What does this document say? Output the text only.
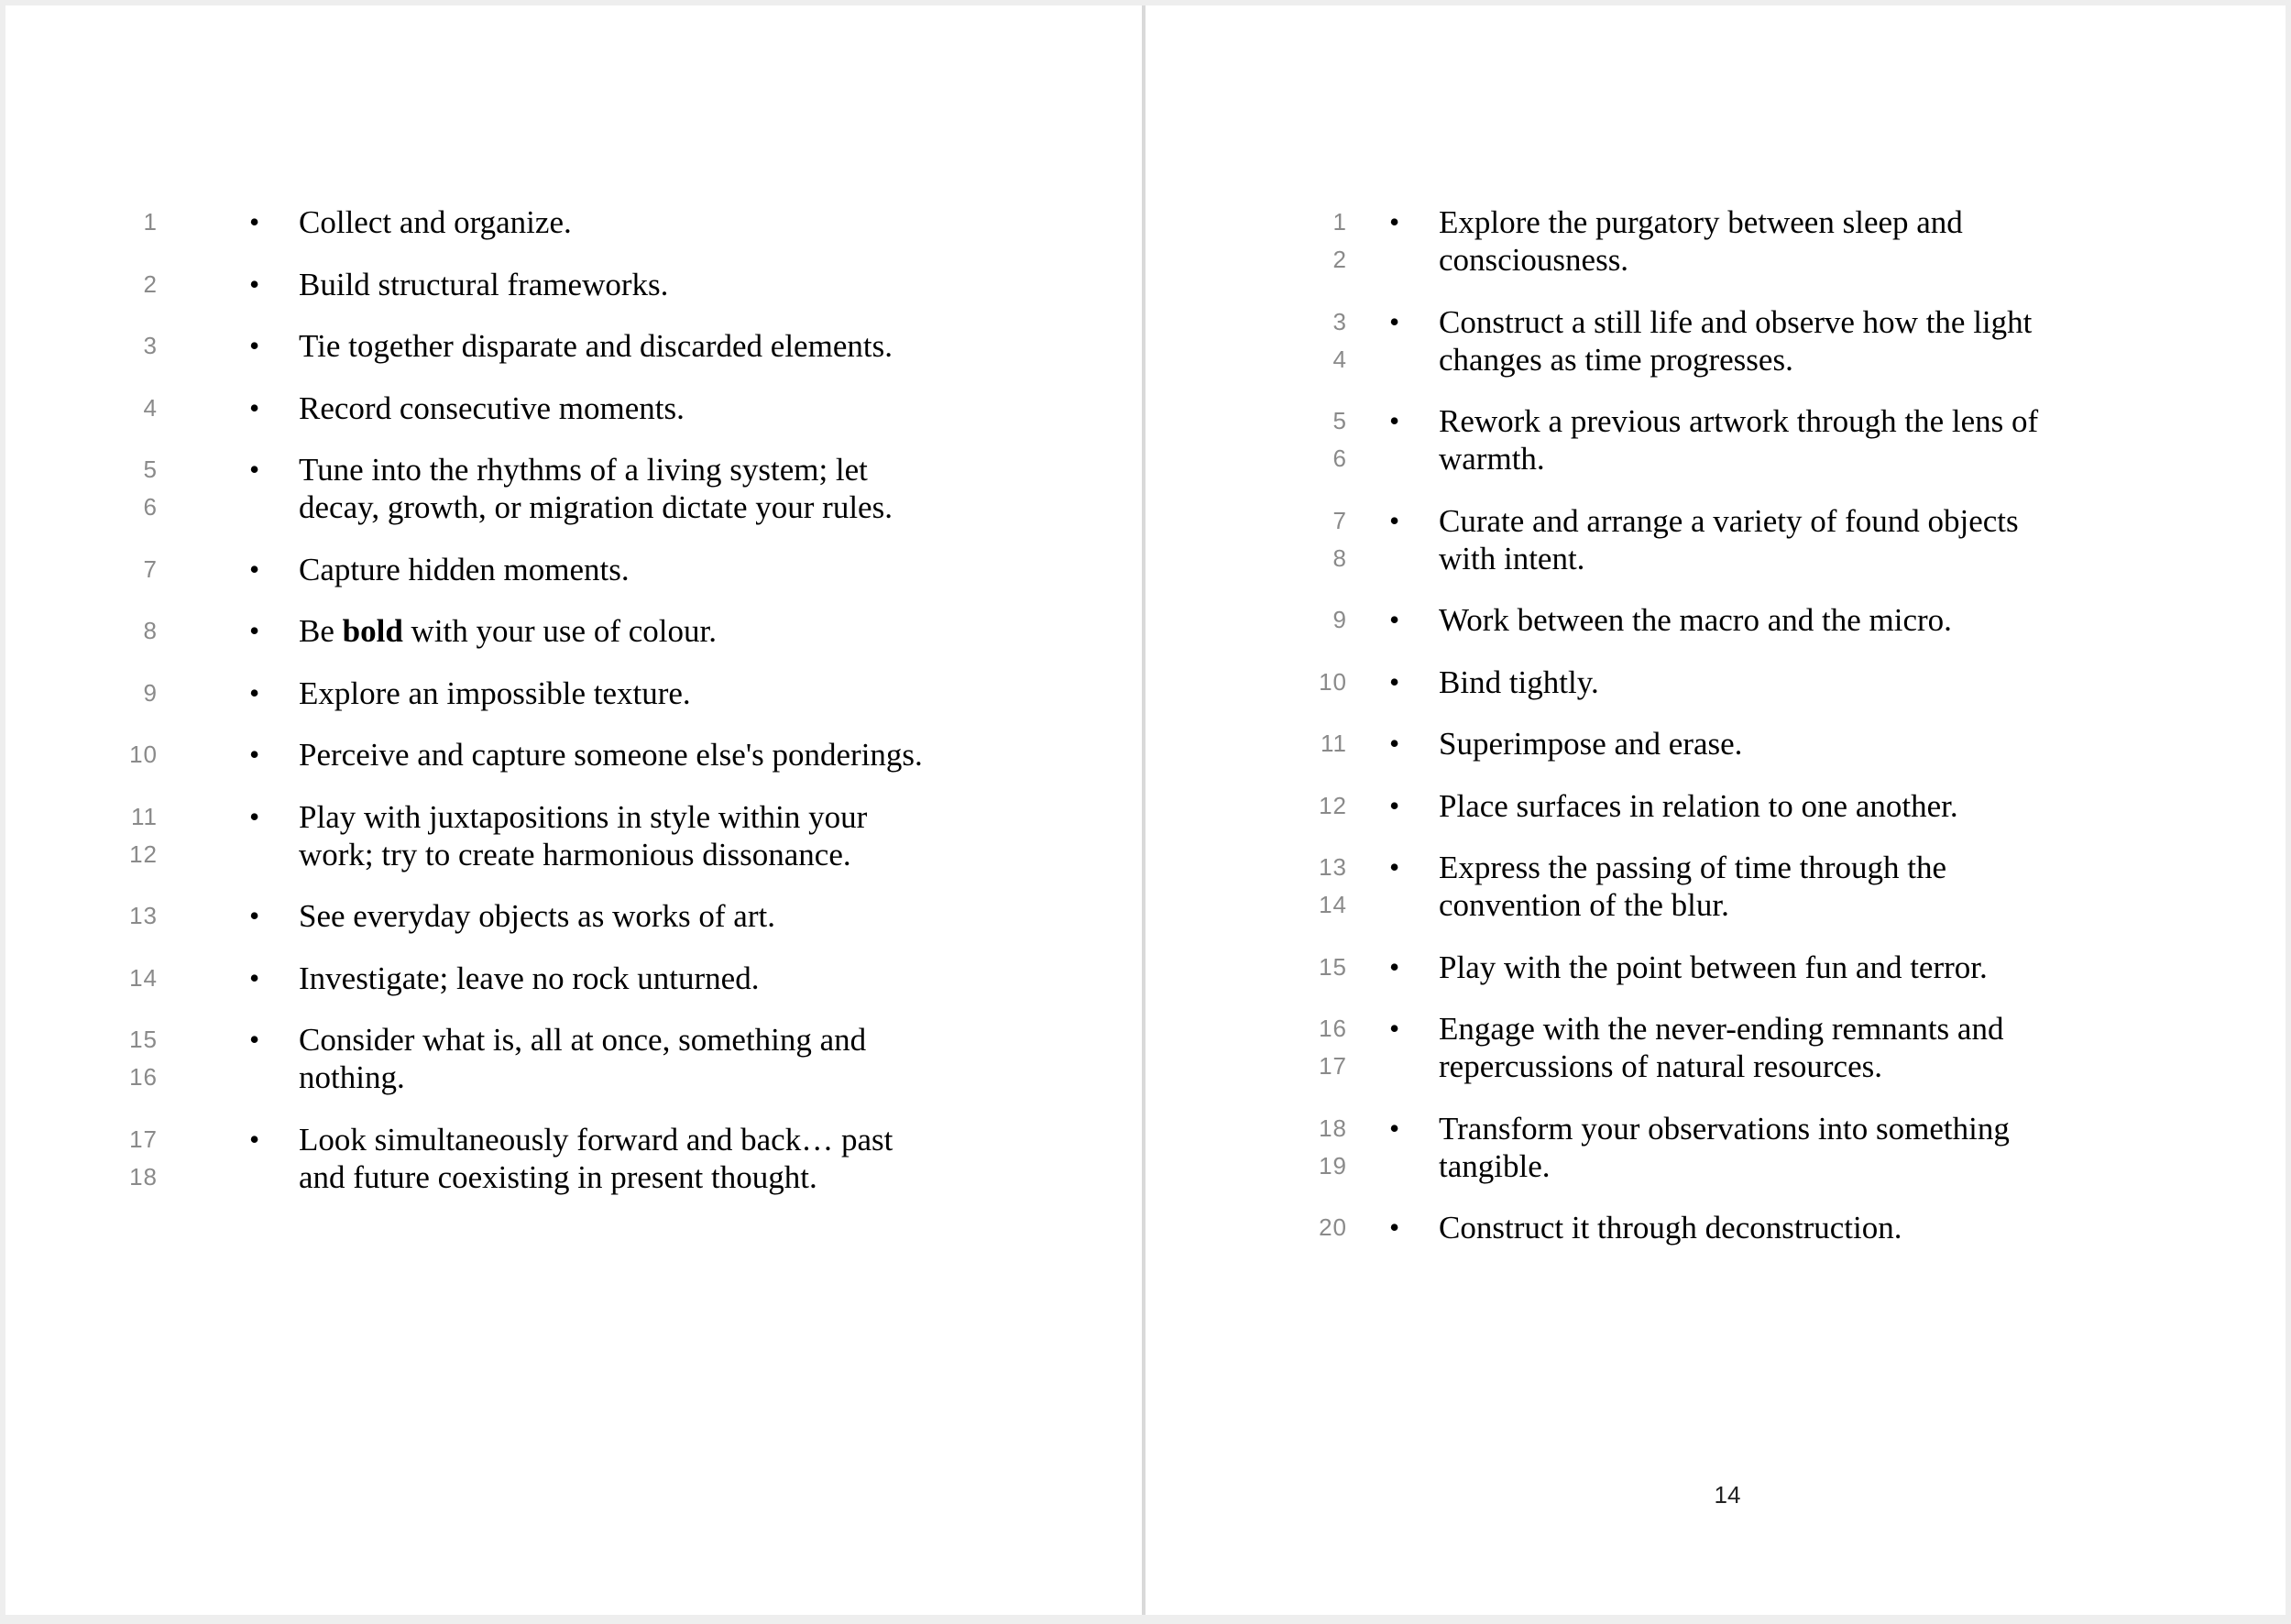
•
1	Collect and organize.
•
2	Build structural frameworks.
•
3	Tie together disparate and discarded elements.
•
4	Record consecutive moments.
•
5	Tune into the rhythms of a living system; let
6	decay, growth, or migration dictate your rules.
•
7	Capture hidden moments.
•
8	Be bold with your use of colour.
•
9	Explore an impossible texture.
•
10	Perceive and capture someone else's ponderings.
•
11	Play with juxtapositions in style within your
12	work; try to create harmonious dissonance.
•
13	See everyday objects as works of art.
•
14	Investigate; leave no rock unturned.
•
15	Consider what is, all at once, something and
16	nothing.
•
17	Look simultaneously forward and back… past
18	and future coexisting in present thought.
•
1	Explore the purgatory between sleep and
2	consciousness.
•
3	Construct a still life and observe how the light
4	changes as time progresses.
•
5	Rework a previous artwork through the lens of
6	warmth.
•
7	Curate and arrange a variety of found objects
8	with intent.
•
9	Work between the macro and the micro.
•
10	Bind tightly.
•
11	Superimpose and erase.
•
12	Place surfaces in relation to one another.
•
13	Express the passing of time through the
14	convention of the blur.
•
15	Play with the point between fun and terror.
•
16	Engage with the never-ending remnants and
17	repercussions of natural resources.
•
18	Transform your observations into something
19	tangible.
•
20	Construct it through deconstruction.
14
